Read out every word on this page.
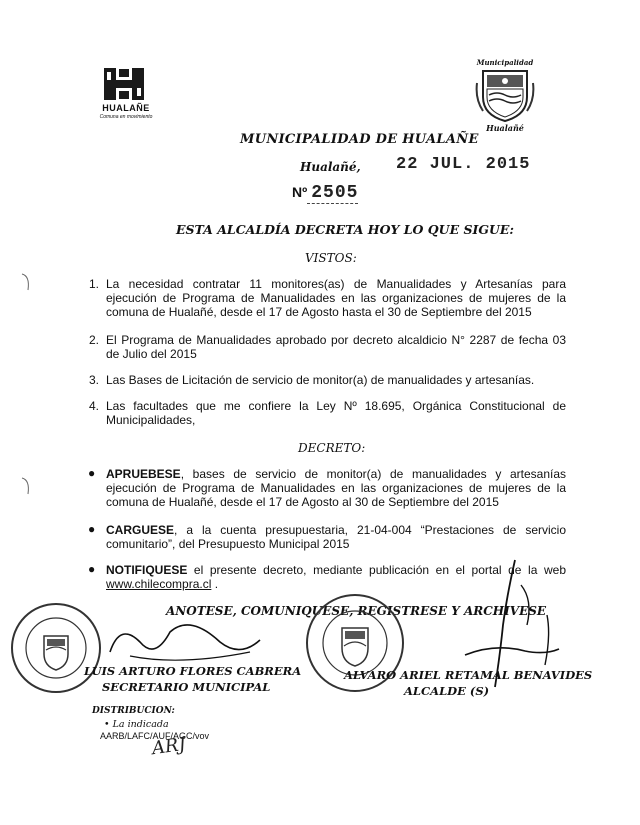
HUALAÑE
Comuna en movimiento
Municipalidad
Hualañé
MUNICIPALIDAD DE HUALAÑE
Hualañé, 22 JUL. 2015
Nº 2505
ESTA ALCALDÍA DECRETA HOY LO QUE SIGUE:
VISTOS:
1. La necesidad contratar 11 monitores(as) de Manualidades y Artesanías para ejecución de Programa de Manualidades en las organizaciones de mujeres de la comuna de Hualañé, desde el 17 de Agosto hasta el 30 de Septiembre del 2015
2. El Programa de Manualidades aprobado por decreto alcaldicio N° 2287 de fecha 03 de Julio del 2015
3. Las Bases de Licitación de servicio de monitor(a) de manualidades y artesanías.
4. Las facultades que me confiere la Ley Nº 18.695, Orgánica Constitucional de Municipalidades,
DECRETO:
● APRUEBESE, bases de servicio de monitor(a) de manualidades y artesanías ejecución de Programa de Manualidades en las organizaciones de mujeres de la comuna de Hualañé, desde el 17 de Agosto al 30 de Septiembre del 2015
● CARGUESE, a la cuenta presupuestaria, 21-04-004 “Prestaciones de servicio comunitario”, del Presupuesto Municipal 2015
● NOTIFIQUESE el presente decreto, mediante publicación en el portal de la web www.chilecompra.cl .
ANOTESE, COMUNIQUESE, REGISTRESE Y ARCHIVESE
LUIS ARTURO FLORES CABRERA
SECRETARIO MUNICIPAL
ALVARO ARIEL RETAMAL BENAVIDES
ALCALDE (S)
DISTRIBUCION:
• La indicada
AARB/LAFC/AUF/AGC/vov
ARJ
